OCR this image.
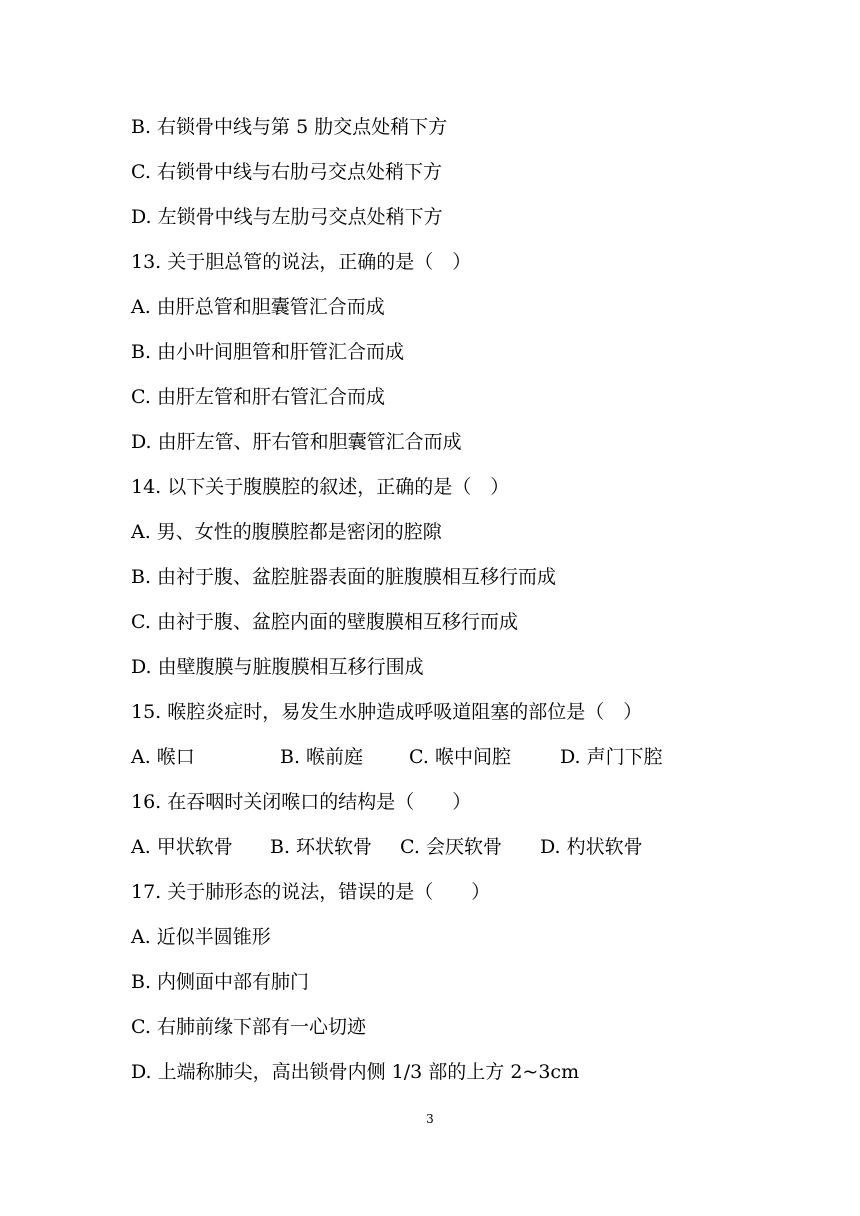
B. 右锁骨中线与第 5 肋交点处稍下方
C. 右锁骨中线与右肋弓交点处稍下方
D. 左锁骨中线与左肋弓交点处稍下方
13. 关于胆总管的说法，正确的是（　）
A. 由肝总管和胆囊管汇合而成
B. 由小叶间胆管和肝管汇合而成
C. 由肝左管和肝右管汇合而成
D. 由肝左管、肝右管和胆囊管汇合而成
14. 以下关于腹膜腔的叙述，正确的是（　）
A. 男、女性的腹膜腔都是密闭的腔隙
B. 由衬于腹、盆腔脏器表面的脏腹膜相互移行而成
C. 由衬于腹、盆腔内面的壁腹膜相互移行而成
D. 由壁腹膜与脏腹膜相互移行围成
15. 喉腔炎症时，易发生水肿造成呼吸道阻塞的部位是（　）
A. 喉口	B. 喉前庭	C. 喉中间腔	D. 声门下腔
16. 在吞咽时关闭喉口的结构是（　　）
A. 甲状软骨	B. 环状软骨	C. 会厌软骨	D. 杓状软骨
17. 关于肺形态的说法，错误的是（　　）
A. 近似半圆锥形
B. 内侧面中部有肺门
C. 右肺前缘下部有一心切迹
D. 上端称肺尖，高出锁骨内侧 1/3 部的上方 2~3cm
3
